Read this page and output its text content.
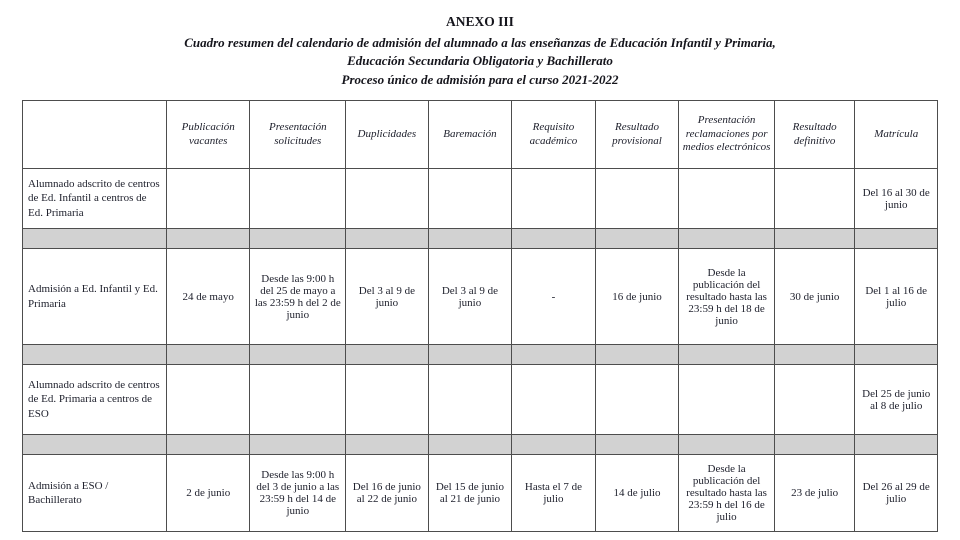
ANEXO III
Cuadro resumen del calendario de admisión del alumnado a las enseñanzas de Educación Infantil y Primaria,
Educación Secundaria Obligatoria y Bachillerato
Proceso único de admisión para el curso 2021-2022
	Publicación vacantes	Presentación solicitudes	Duplicidades	Baremación	Requisito académico	Resultado provisional	Presentación reclamaciones por medios electrónicos	Resultado definitivo	Matrícula
Alumnado adscrito de centros de Ed. Infantil a centros de Ed. Primaria									Del 16 al 30 de junio

Admisión a Ed. Infantil y Ed. Primaria	24 de mayo	Desde las 9:00 h del 25 de mayo a las 23:59 h del 2 de junio	Del 3 al 9 de junio	Del 3 al 9 de junio	-	16 de junio	Desde la publicación del resultado hasta las 23:59 h del 18 de junio	30 de junio	Del 1 al 16 de julio

Alumnado adscrito de centros de Ed. Primaria a centros de ESO									Del 25 de junio al 8 de julio

Admisión a ESO / Bachillerato	2 de junio	Desde las 9:00 h del 3 de junio a las 23:59 h del 14 de junio	Del 16 de junio al 22 de junio	Del 15 de junio al 21 de junio	Hasta el 7 de julio	14 de julio	Desde la publicación del resultado hasta las 23:59 h del 16 de julio	23 de julio	Del 26 al 29 de julio
